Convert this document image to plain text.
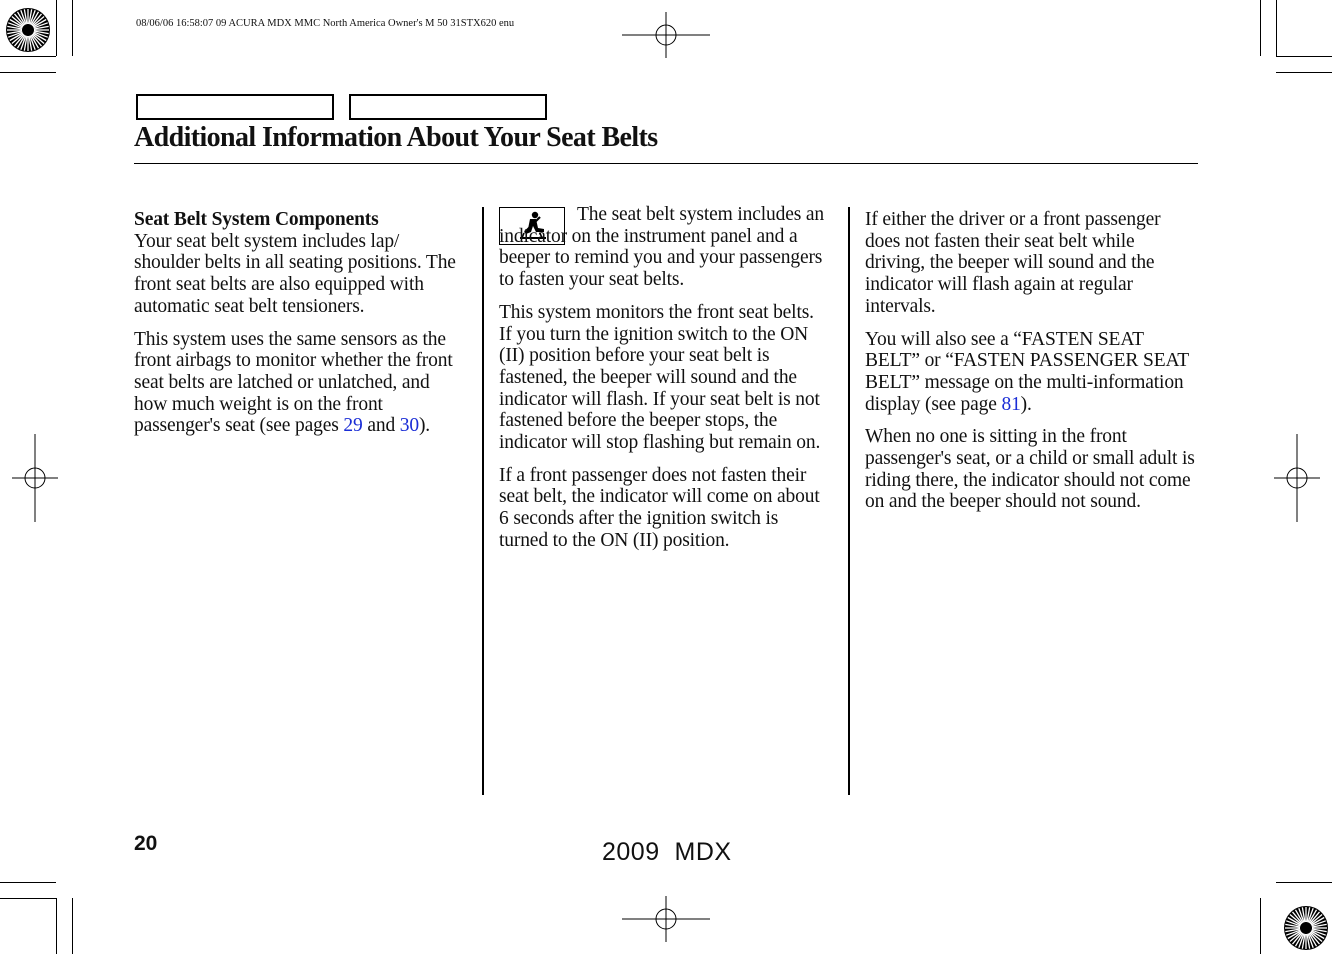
08/06/06 16:58:07 09 ACURA MDX MMC North America Owner's M 50 31STX620 enu
Additional Information About Your Seat Belts

Seat Belt System Components
Your seat belt system includes lap/ shoulder belts in all seating positions. The front seat belts are also equipped with automatic seat belt tensioners.

This system uses the same sensors as the front airbags to monitor whether the front seat belts are latched or unlatched, and how much weight is on the front passenger's seat (see pages 29 and 30).

The seat belt system includes an indicator on the instrument panel and a beeper to remind you and your passengers to fasten your seat belts.

This system monitors the front seat belts. If you turn the ignition switch to the ON (II) position before your seat belt is fastened, the beeper will sound and the indicator will flash. If your seat belt is not fastened before the beeper stops, the indicator will stop flashing but remain on.

If a front passenger does not fasten their seat belt, the indicator will come on about 6 seconds after the ignition switch is turned to the ON (II) position.

If either the driver or a front passenger does not fasten their seat belt while driving, the beeper will sound and the indicator will flash again at regular intervals.

You will also see a “FASTEN SEAT BELT” or “FASTEN PASSENGER SEAT BELT” message on the multi-information display (see page 81).

When no one is sitting in the front passenger's seat, or a child or small adult is riding there, the indicator should not come on and the beeper should not sound.

20	2009  MDX
